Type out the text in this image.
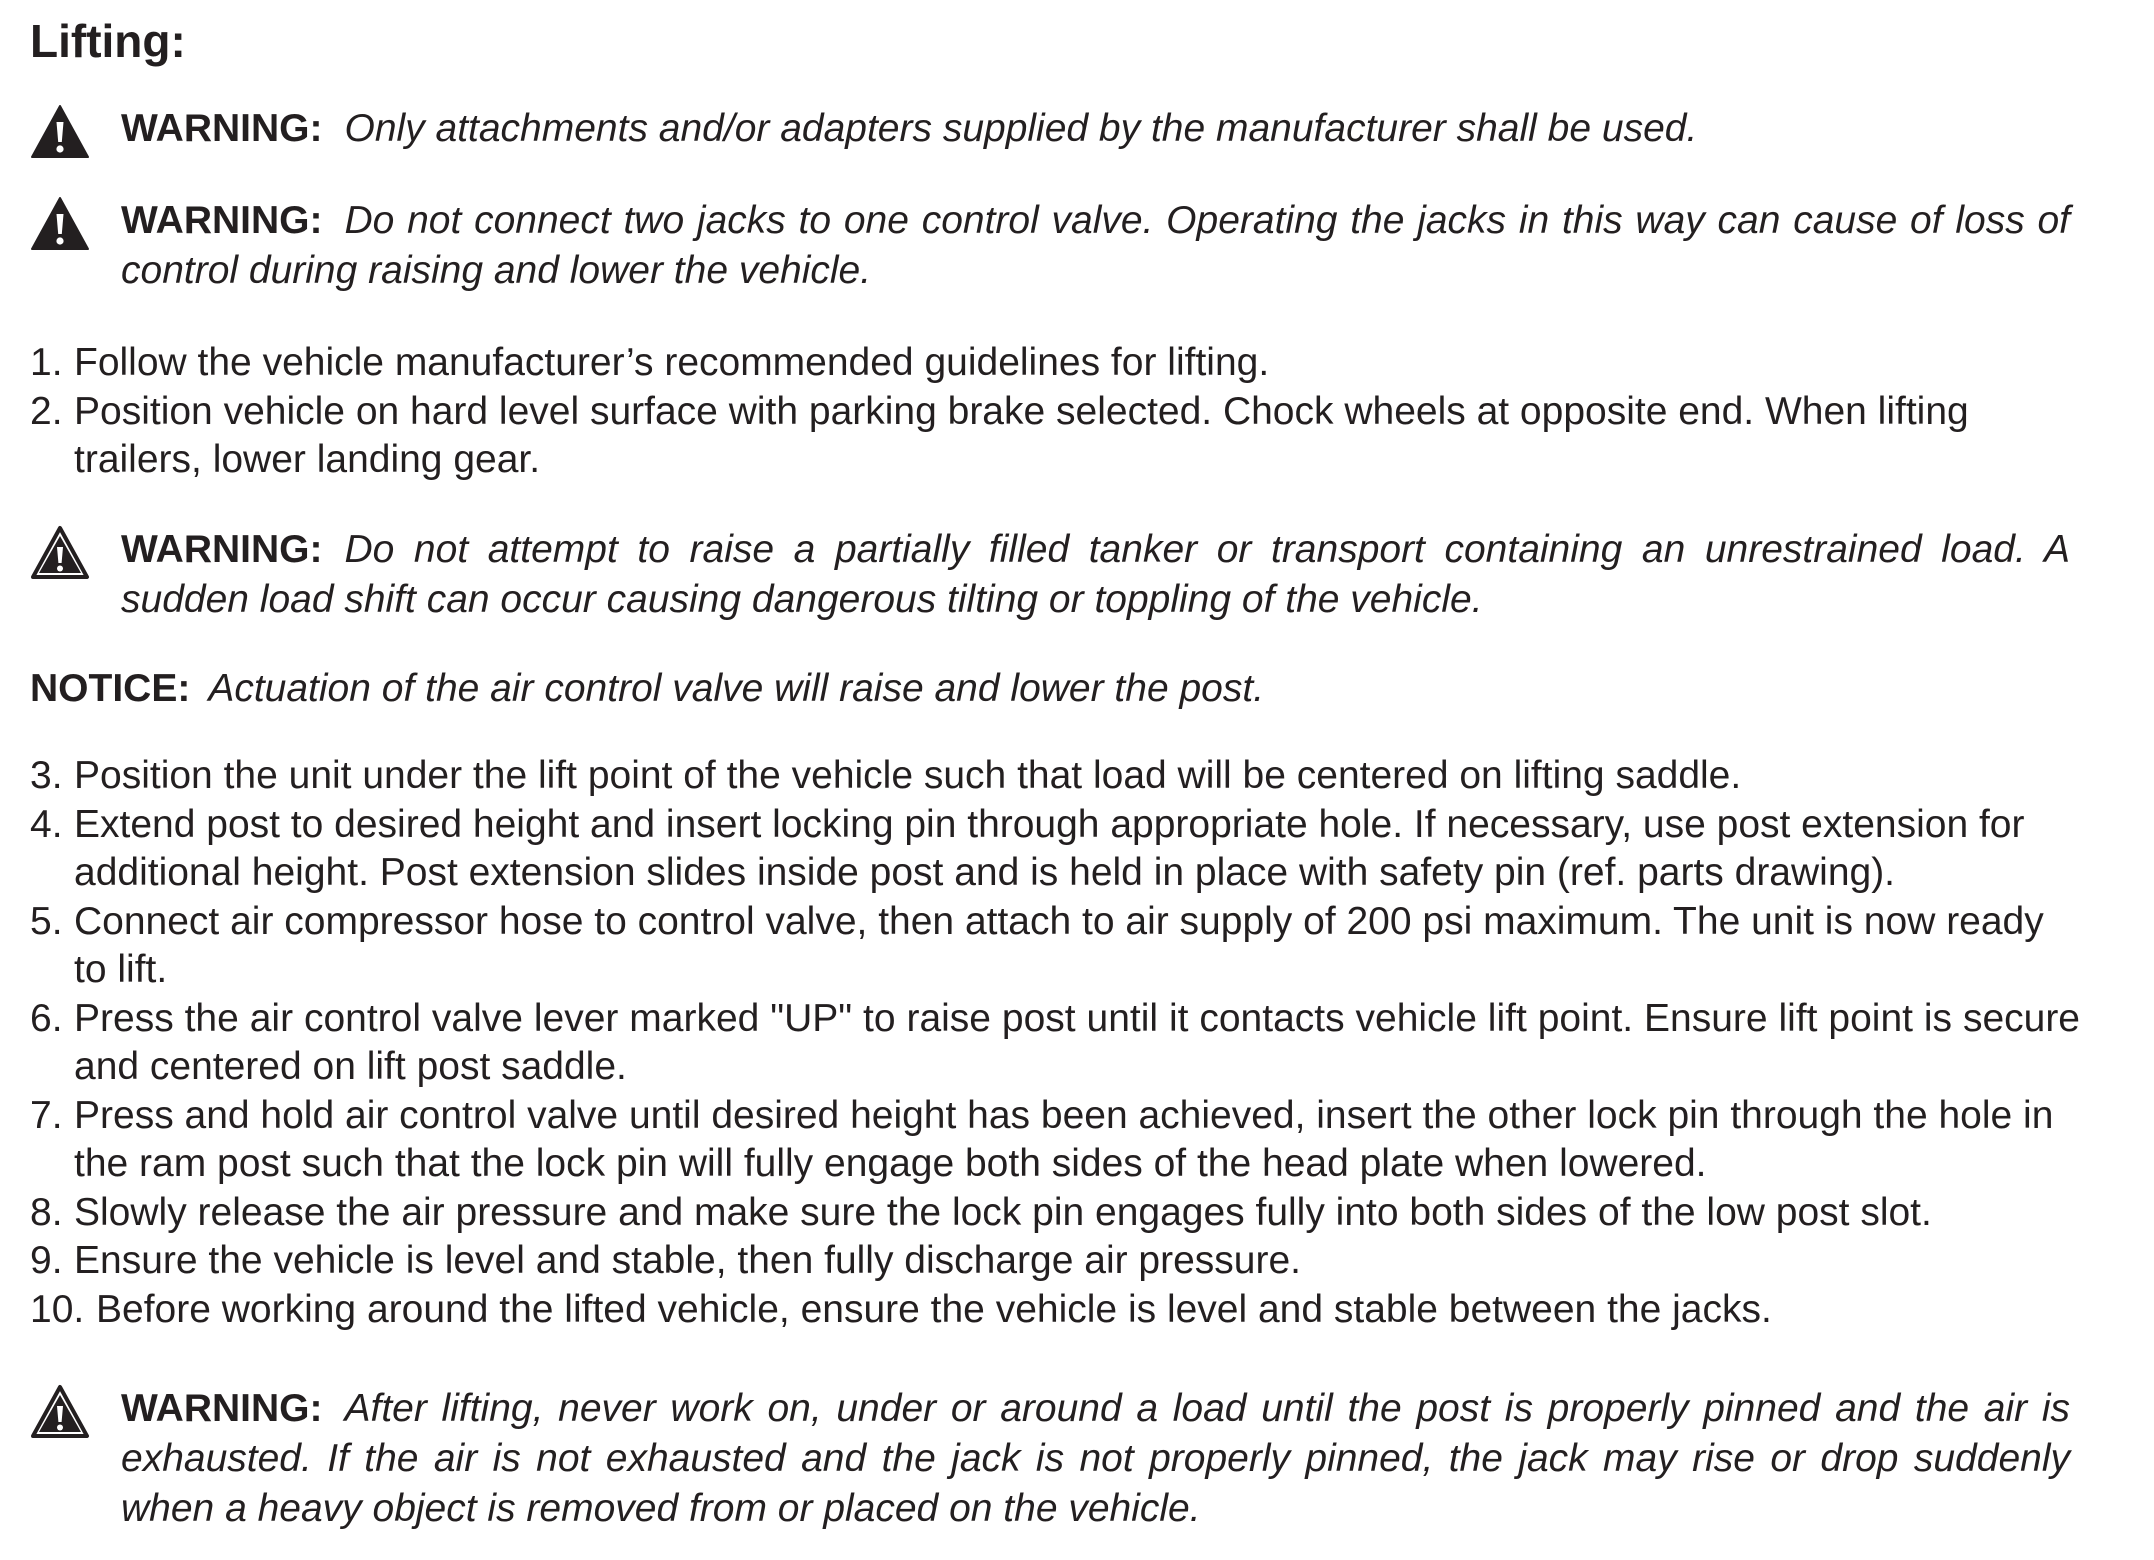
Lifting:
WARNING: Only attachments and/or adapters supplied by the manufacturer shall be used.
WARNING: Do not connect two jacks to one control valve. Operating the jacks in this way can cause of loss of control during raising and lower the vehicle.
1. Follow the vehicle manufacturer’s recommended guidelines for lifting.
2. Position vehicle on hard level surface with parking brake selected. Chock wheels at opposite end. When lifting trailers, lower landing gear.
WARNING: Do not attempt to raise a partially filled tanker or transport containing an unrestrained load. A sudden load shift can occur causing dangerous tilting or toppling of the vehicle.
NOTICE: Actuation of the air control valve will raise and lower the post.
3. Position the unit under the lift point of the vehicle such that load will be centered on lifting saddle.
4. Extend post to desired height and insert locking pin through appropriate hole. If necessary, use post extension for additional height. Post extension slides inside post and is held in place with safety pin (ref. parts drawing).
5. Connect air compressor hose to control valve, then attach to air supply of 200 psi maximum. The unit is now ready to lift.
6. Press the air control valve lever marked "UP" to raise post until it contacts vehicle lift point. Ensure lift point is secure and centered on lift post saddle.
7. Press and hold air control valve until desired height has been achieved, insert the other lock pin through the hole in the ram post such that the lock pin will fully engage both sides of the head plate when lowered.
8. Slowly release the air pressure and make sure the lock pin engages fully into both sides of the low post slot.
9. Ensure the vehicle is level and stable, then fully discharge air pressure.
10. Before working around the lifted vehicle, ensure the vehicle is level and stable between the jacks.
WARNING: After lifting, never work on, under or around a load until the post is properly pinned and the air is exhausted. If the air is not exhausted and the jack is not properly pinned, the jack may rise or drop suddenly when a heavy object is removed from or placed on the vehicle.
